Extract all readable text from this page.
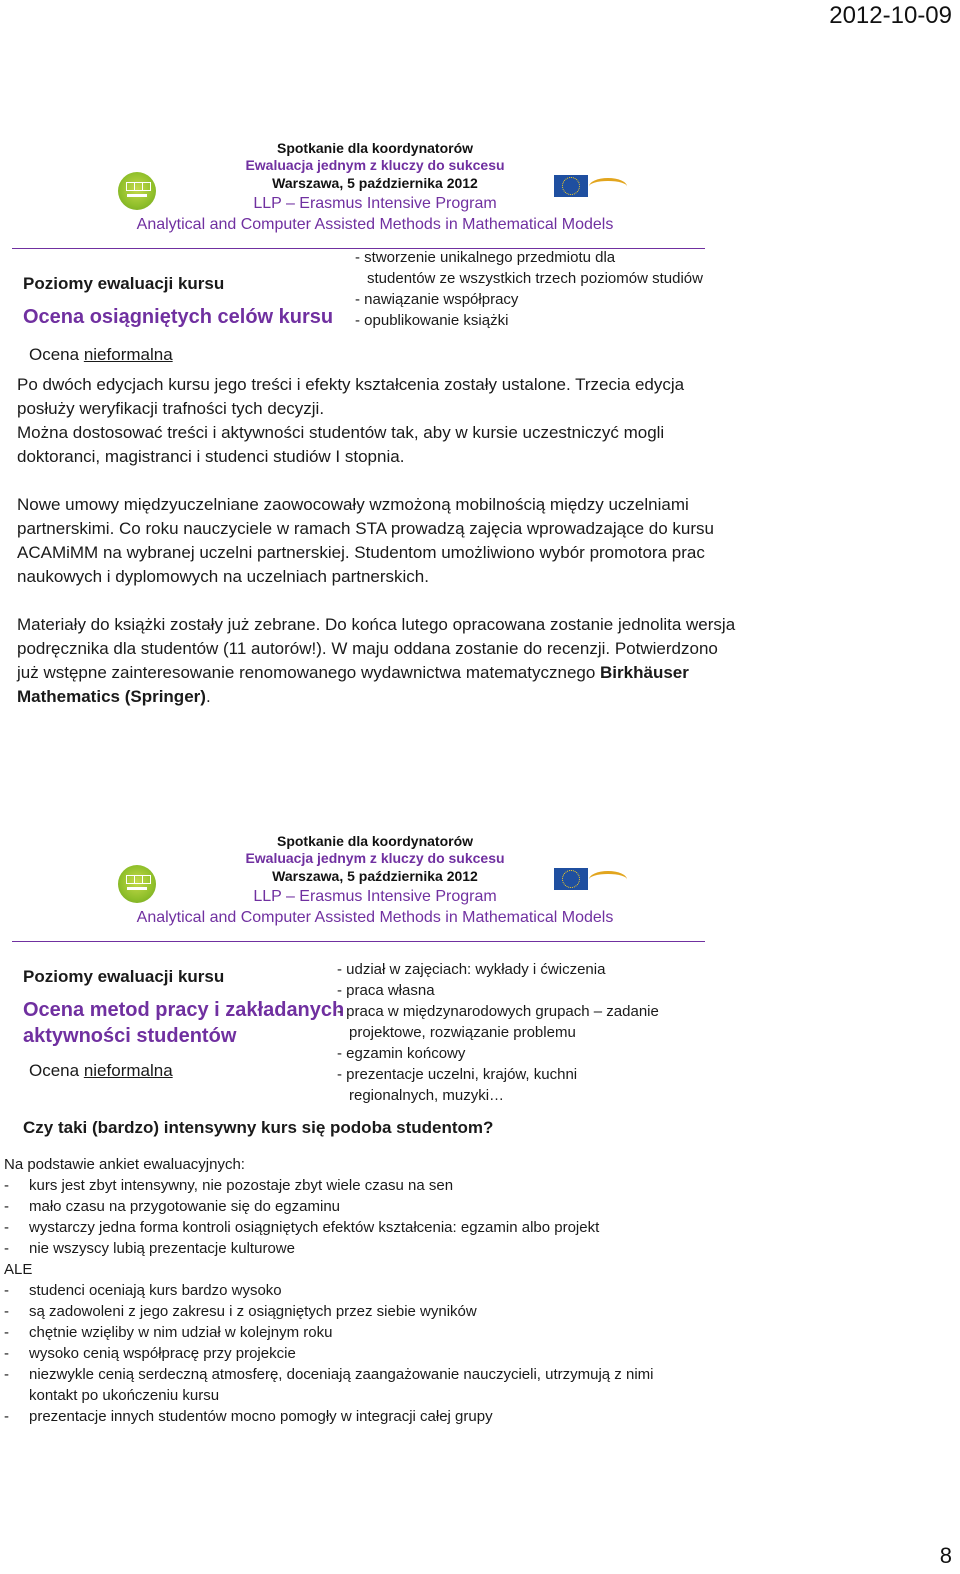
2012-10-09
8
Spotkanie dla koordynatorów
Ewaluacja jednym z kluczy do sukcesu
Warszawa, 5 października 2012
LLP – Erasmus Intensive Program
Analytical and Computer Assisted Methods in Mathematical Models
Poziomy ewaluacji kursu
Ocena osiągniętych celów kursu
Ocena nieformalna
- stworzenie unikalnego przedmiotu dla
studentów ze wszystkich trzech poziomów studiów
- nawiązanie współpracy
- opublikowanie książki

Po dwóch edycjach kursu jego treści i efekty kształcenia zostały ustalone. Trzecia edycja posłuży weryfikacji trafności tych decyzji.

Można dostosować treści i aktywności studentów tak, aby w kursie uczestniczyć mogli doktoranci, magistranci i studenci studiów I stopnia.

Nowe umowy międzyuczelniane zaowocowały wzmożoną mobilnością między uczelniami partnerskimi. Co roku nauczyciele w ramach STA prowadzą zajęcia wprowadzające do kursu ACAMiMM na wybranej uczelni partnerskiej. Studentom umożliwiono wybór promotora prac naukowych i dyplomowych na uczelniach partnerskich.

Materiały do książki zostały już zebrane. Do końca lutego opracowana zostanie jednolita wersja podręcznika dla studentów (11 autorów!). W maju oddana zostanie do recenzji. Potwierdzono już wstępne zainteresowanie renomowanego wydawnictwa matematycznego Birkhäuser Mathematics (Springer).

Spotkanie dla koordynatorów
Ewaluacja jednym z kluczy do sukcesu
Warszawa, 5 października 2012
LLP – Erasmus Intensive Program
Analytical and Computer Assisted Methods in Mathematical Models
Poziomy ewaluacji kursu
Ocena metod pracy i zakładanych
aktywności studentów
Ocena nieformalna
- udział w zajęciach: wykłady i ćwiczenia
- praca własna
- praca w międzynarodowych grupach – zadanie
projektowe, rozwiązanie problemu
- egzamin końcowy
- prezentacje uczelni, krajów, kuchni
regionalnych, muzyki…
Czy taki (bardzo) intensywny kurs się podoba studentom?
Na podstawie ankiet ewaluacyjnych:
- kurs jest zbyt intensywny, nie pozostaje zbyt wiele czasu na sen
- mało czasu na przygotowanie się do egzaminu
- wystarczy jedna forma kontroli osiągniętych efektów kształcenia: egzamin albo projekt
- nie wszyscy lubią prezentacje kulturowe
ALE
- studenci oceniają kurs bardzo wysoko
- są zadowoleni z jego zakresu i z osiągniętych przez siebie wyników
- chętnie wzięliby w nim udział w kolejnym roku
- wysoko cenią współpracę przy projekcie
- niezwykle cenią serdeczną atmosferę, doceniają zaangażowanie nauczycieli, utrzymują z nimi
kontakt po ukończeniu kursu
- prezentacje innych studentów mocno pomogły w integracji całej grupy
